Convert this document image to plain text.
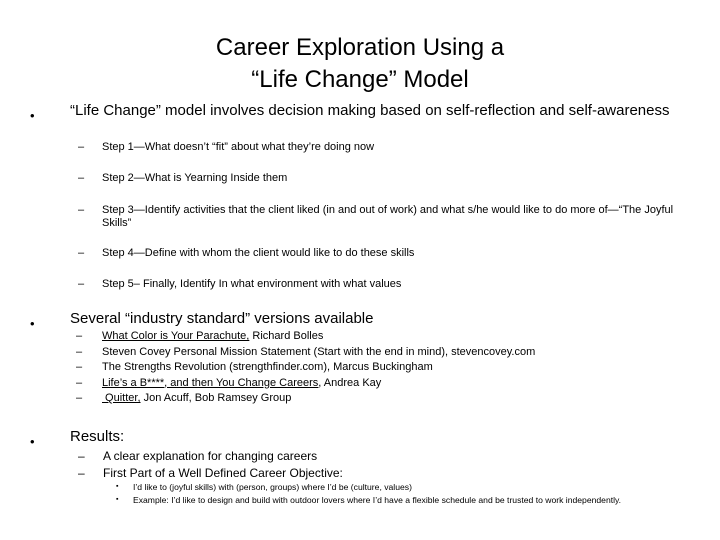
Career Exploration Using a
“Life Change” Model
• “Life Change” model involves decision making based on self-reflection and self-awareness
– Step 1—What doesn’t “fit” about what they’re doing now
– Step 2—What is Yearning Inside them
– Step 3—Identify activities that the client liked (in and out of work) and what s/he would like to do more of—“The Joyful Skills”
– Step 4—Define with whom the client would like to do these skills
– Step 5– Finally, Identify In what environment with what values
• Several “industry standard” versions available
– What Color is Your Parachute, Richard Bolles
– Steven Covey Personal Mission Statement (Start with the end in mind), stevencovey.com
– The Strengths Revolution (strengthfinder.com), Marcus Buckingham
– Life’s a B****, and then You Change Careers, Andrea Kay
– Quitter, Jon Acuff, Bob Ramsey Group
• Results:
– A clear explanation for changing careers
– First Part of a Well Defined Career Objective:
▪ I’d like to (joyful skills) with (person, groups) where I’d be (culture, values)
▪ Example: I’d like to design and build with outdoor lovers where I’d have a flexible schedule and be trusted to work independently.
